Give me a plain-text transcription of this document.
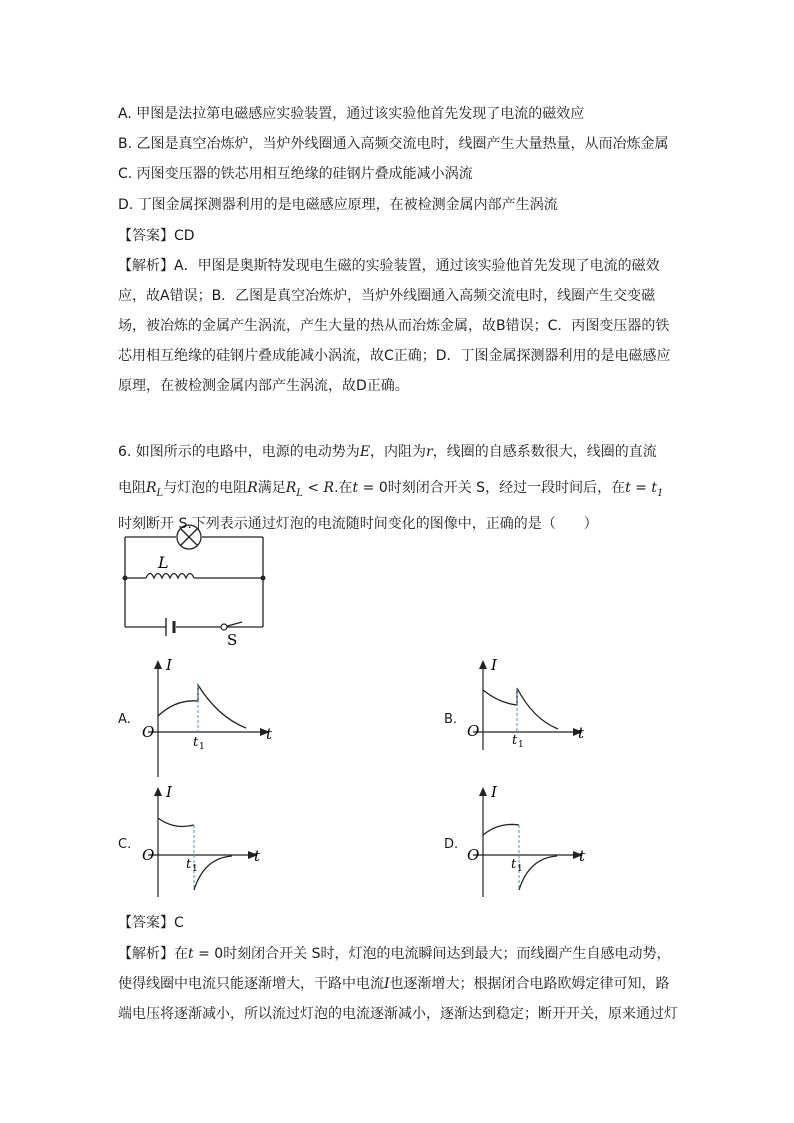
A. 甲图是法拉第电磁感应实验装置，通过该实验他首先发现了电流的磁效应
B. 乙图是真空冶炼炉，当炉外线圈通入高频交流电时，线圈产生大量热量，从而冶炼金属
C. 丙图变压器的铁芯用相互绝缘的硅钢片叠成能减小涡流
D. 丁图金属探测器利用的是电磁感应原理，在被检测金属内部产生涡流
【答案】CD
【解析】A．甲图是奥斯特发现电生磁的实验装置，通过该实验他首先发现了电流的磁效应，故A错误；B．乙图是真空冶炼炉，当炉外线圈通入高频交流电时，线圈产生交变磁场，被冶炼的金属产生涡流，产生大量的热从而冶炼金属，故B错误；C．丙图变压器的铁芯用相互绝缘的硅钢片叠成能减小涡流，故C正确；D．丁图金属探测器利用的是电磁感应原理，在被检测金属内部产生涡流，故D正确。
6. 如图所示的电路中，电源的电动势为E，内阻为r，线圈的自感系数很大，线圈的直流
电阻$R_L$与灯泡的电阻R满足$R_L < R$.在t = 0时刻闭合开关 S，经过一段时间后，在$t = t_1$
时刻断开 S.下列表示通过灯泡的电流随时间变化的图像中，正确的是（　　）
L
S
A.
I
t
O
t 1
B.
I
t
O
t 1
C.
I
t
O
t 1
D.
I
t
O
t 1
【答案】C
【解析】在t = 0时刻闭合开关 S时，灯泡的电流瞬间达到最大；而线圈产生自感电动势，使得线圈中电流只能逐渐增大，干路中电流I也逐渐增大；根据闭合电路欧姆定律可知，路端电压将逐渐减小，所以流过灯泡的电流逐渐减小，逐渐达到稳定；断开开关，原来通过灯
